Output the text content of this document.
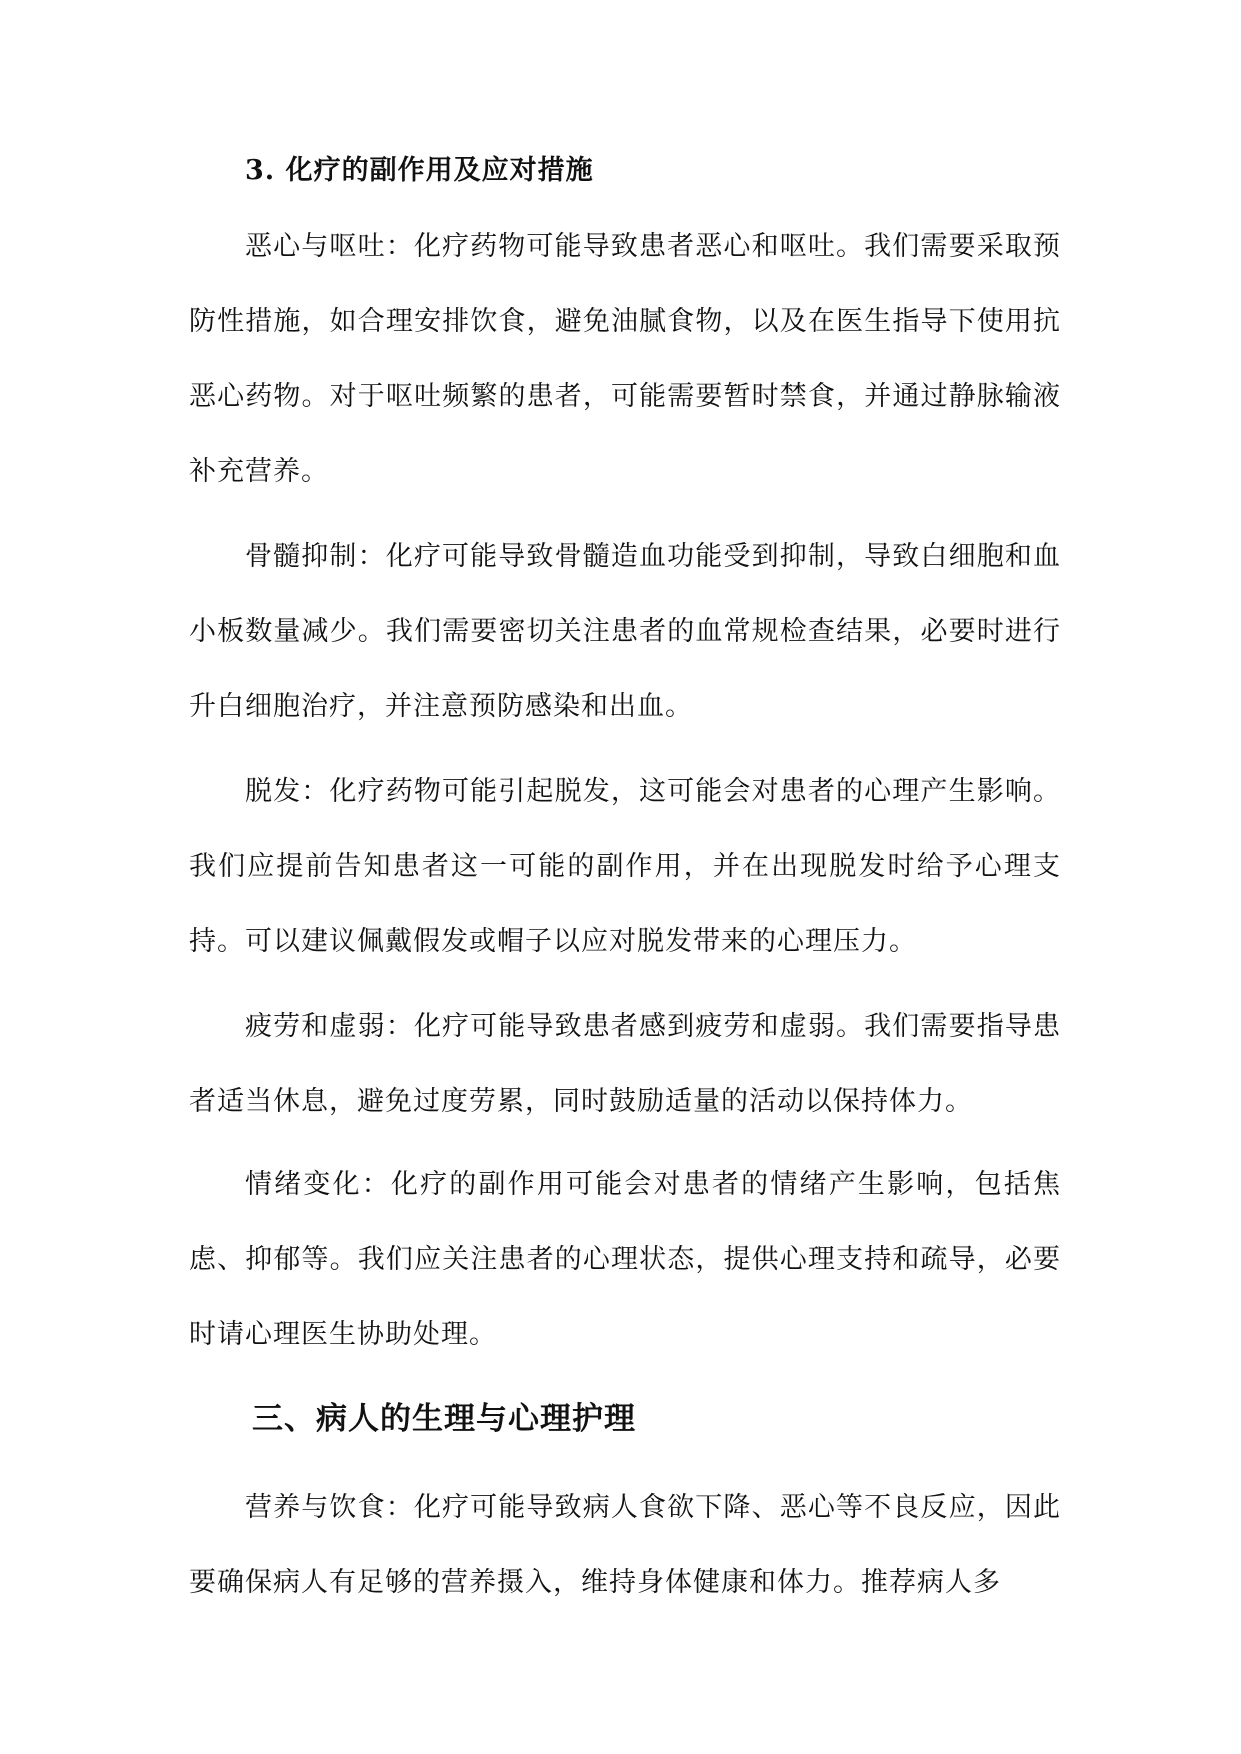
3. 化疗的副作用及应对措施

恶心与呕吐：化疗药物可能导致患者恶心和呕吐。我们需要采取预防性措施，如合理安排饮食，避免油腻食物，以及在医生指导下使用抗恶心药物。对于呕吐频繁的患者，可能需要暂时禁食，并通过静脉输液补充营养。

骨髓抑制：化疗可能导致骨髓造血功能受到抑制，导致白细胞和血小板数量减少。我们需要密切关注患者的血常规检查结果，必要时进行升白细胞治疗，并注意预防感染和出血。

脱发：化疗药物可能引起脱发，这可能会对患者的心理产生影响。我们应提前告知患者这一可能的副作用，并在出现脱发时给予心理支持。可以建议佩戴假发或帽子以应对脱发带来的心理压力。

疲劳和虚弱：化疗可能导致患者感到疲劳和虚弱。我们需要指导患者适当休息，避免过度劳累，同时鼓励适量的活动以保持体力。

情绪变化：化疗的副作用可能会对患者的情绪产生影响，包括焦虑、抑郁等。我们应关注患者的心理状态，提供心理支持和疏导，必要时请心理医生协助处理。

三、病人的生理与心理护理

营养与饮食：化疗可能导致病人食欲下降、恶心等不良反应，因此要确保病人有足够的营养摄入，维持身体健康和体力。推荐病人多
